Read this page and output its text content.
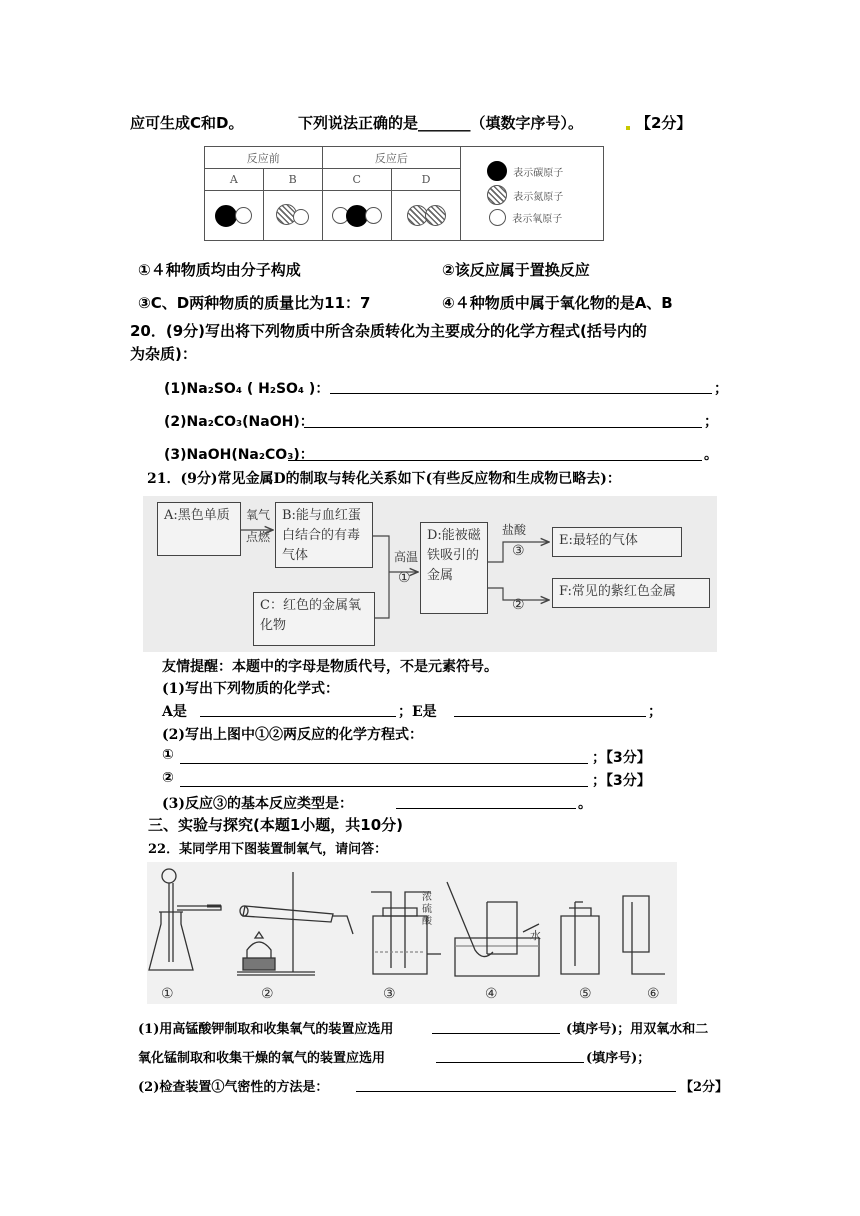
应可生成C和D。	下列说法正确的是_______（填数字序号）。	【2分】
反应前		反应后		表示碳原子
表示氮原子
表示氧原子

A	B	C	D	

①４种物质均由分子构成	②该反应属于置换反应
③C、D两种物质的质量比为11：7	④４种物质中属于氧化物的是A、B
20．(9分)写出将下列物质中所含杂质转化为主要成分的化学方程式(括号内的
为杂质)：
(1)Na₂SO₄ ( H₂SO₄ )：	；
(2)Na₂CO₃(NaOH)：	；
(3)NaOH(Na₂CO₃)：	。
21．(9分)常见金属D的制取与转化关系如下(有些反应物和生成物已略去)：
A:黑色单质	氧气
点燃
B:能与血红蛋白结合的有毒气体	高温
①
D:能被磁铁吸引的金属
盐酸
③
E:最轻的气体
②
F:常见的紫红色金属
C：红色的金属氧化物
友情提醒：本题中的字母是物质代号，不是元素符号。
(1)写出下列物质的化学式：
A是	；E是	；
(2)写出上图中①②两反应的化学方程式：
①	；【3分】
②	；【3分】
(3)反应③的基本反应类型是：	。
三、实验与探究(本题1小题，共10分)
22．某同学用下图装置制氧气，请问答：
①	②	③	④	⑤	⑥
浓硫酸
水
(1)用高锰酸钾制取和收集氧气的装置应选用	(填序号)；用双氧水和二
氧化锰制取和收集干燥的氧气的装置应选用	(填序号)；
(2)检查装置①气密性的方法是：	【2分】
